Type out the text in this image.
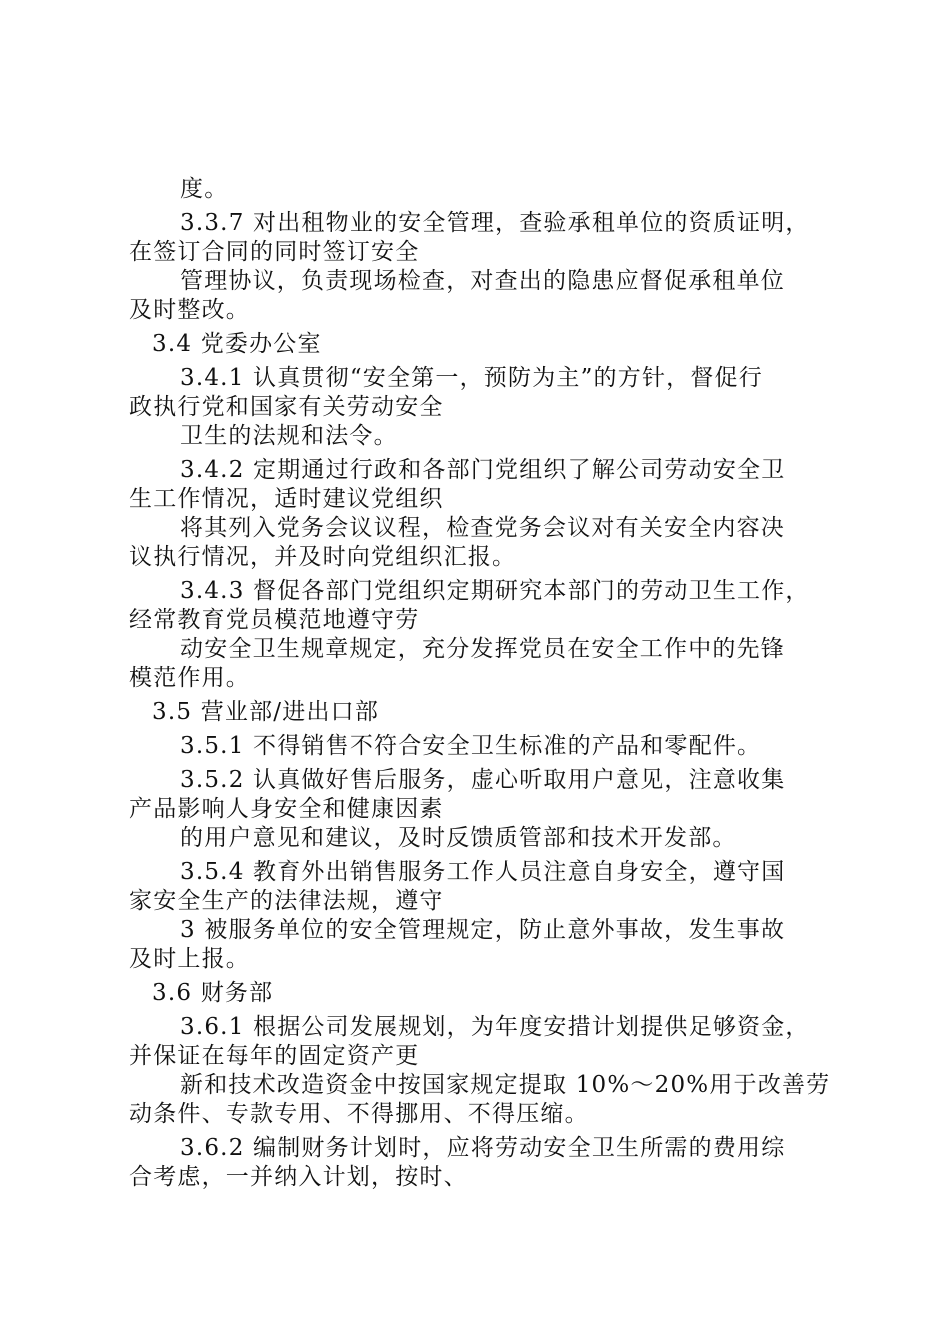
度。
3.3.7 对出租物业的安全管理，查验承租单位的资质证明，
在签订合同的同时签订安全
管理协议，负责现场检查，对查出的隐患应督促承租单位
及时整改。
3.4 党委办公室
3.4.1 认真贯彻“安全第一，预防为主”的方针，督促行
政执行党和国家有关劳动安全
卫生的法规和法令。
3.4.2 定期通过行政和各部门党组织了解公司劳动安全卫
生工作情况，适时建议党组织
将其列入党务会议议程，检查党务会议对有关安全内容决
议执行情况，并及时向党组织汇报。
3.4.3 督促各部门党组织定期研究本部门的劳动卫生工作，
经常教育党员模范地遵守劳
动安全卫生规章规定，充分发挥党员在安全工作中的先锋
模范作用。
3.5 营业部/进出口部
3.5.1 不得销售不符合安全卫生标准的产品和零配件。
3.5.2 认真做好售后服务，虚心听取用户意见，注意收集
产品影响人身安全和健康因素
的用户意见和建议，及时反馈质管部和技术开发部。
3.5.4 教育外出销售服务工作人员注意自身安全，遵守国
家安全生产的法律法规，遵守
3 被服务单位的安全管理规定，防止意外事故，发生事故
及时上报。
3.6 财务部
3.6.1 根据公司发展规划，为年度安措计划提供足够资金，
并保证在每年的固定资产更
新和技术改造资金中按国家规定提取 10%～20%用于改善劳
动条件、专款专用、不得挪用、不得压缩。
3.6.2 编制财务计划时，应将劳动安全卫生所需的费用综
合考虑，一并纳入计划，按时、
